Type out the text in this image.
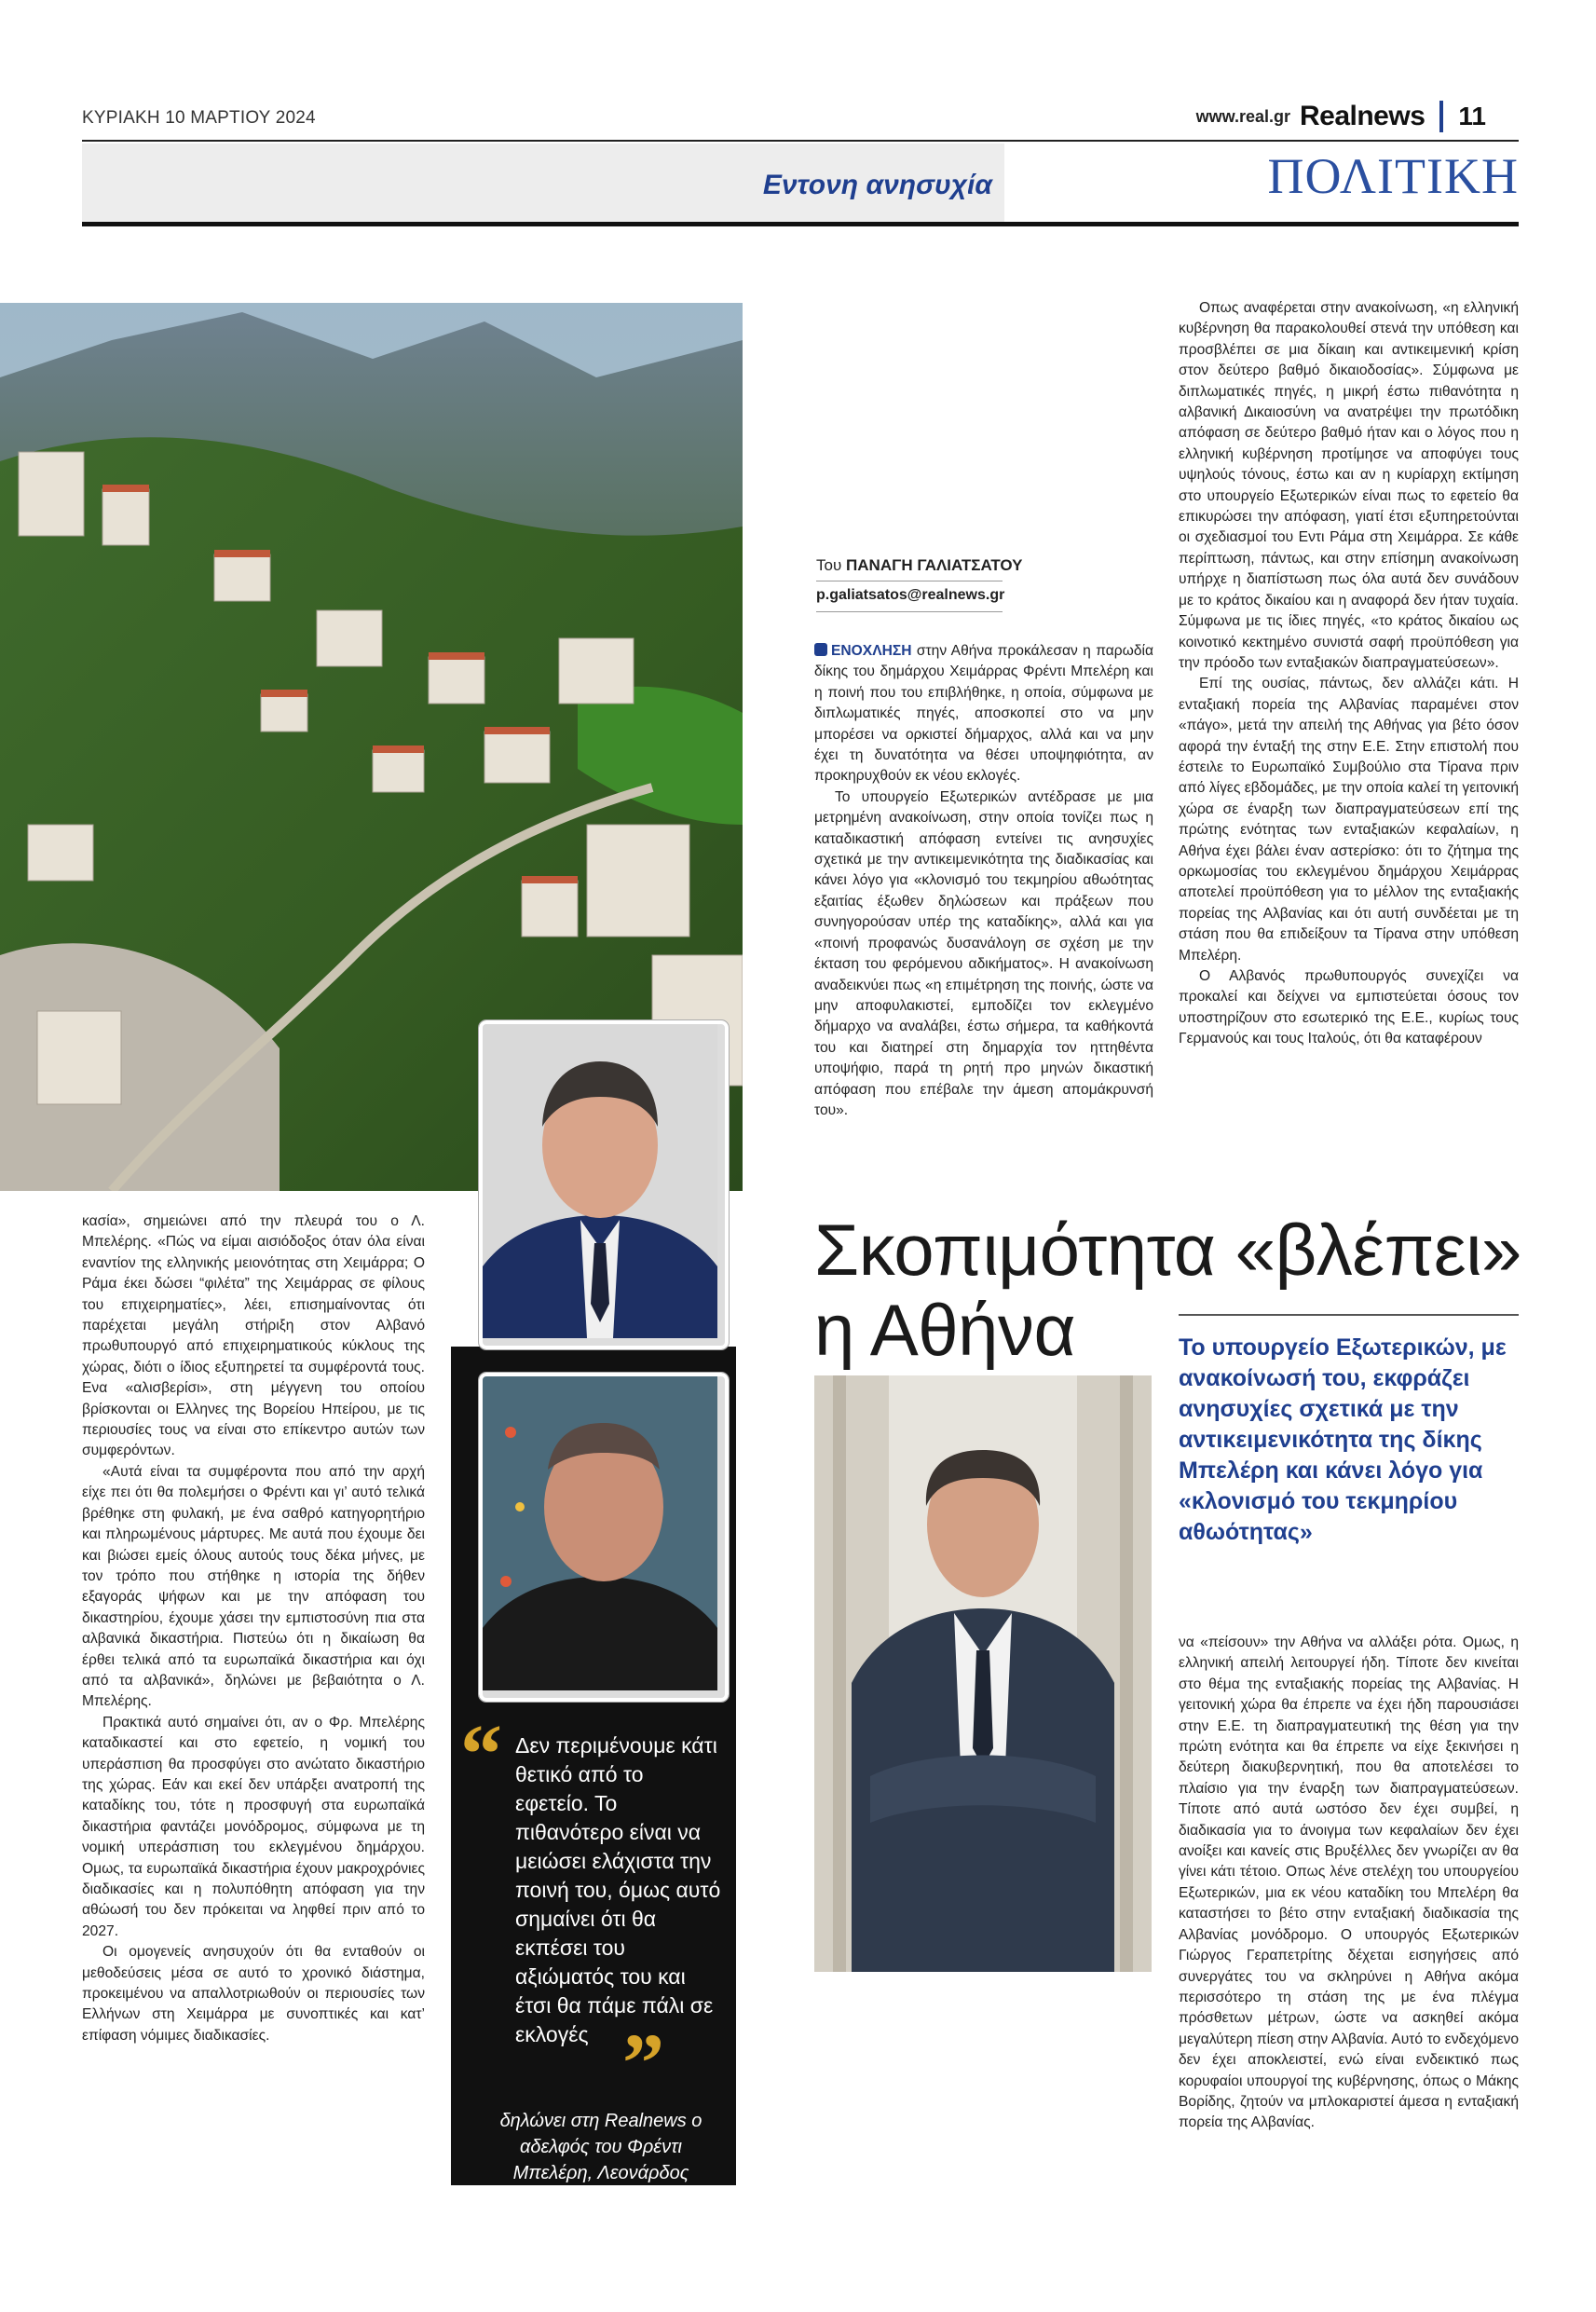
ΚΥΡΙΑΚΗ 10 ΜΑΡΤΙΟΥ 2024	www.real.gr Realnews 11
Εντονη ανησυχία	ΠΟΛΙΤΙΚΗ
“ Δεν περιμένουμε κάτι θετικό από το εφετείο. Το πιθανότερο είναι να μειώσει ελάχιστα την ποινή του, όμως αυτό σημαίνει ότι θα εκπέσει του αξιώματός του και έτσι θα πάμε πάλι σε εκλογές ”
δηλώνει στη Realnews ο αδελφός του Φρέντι Μπελέρη, Λεονάρδος
Του ΠΑΝΑΓΗ ΓΑΛΙΑΤΣΑΤΟΥ
p.galiatsatos@realnews.gr

ΕΝΟΧΛΗΣΗ στην Αθήνα προκάλεσαν η παρωδία δίκης του δημάρχου Χειμάρρας Φρέντι Μπελέρη και η ποινή που του επιβλήθηκε, η οποία, σύμφωνα με διπλωματικές πηγές, αποσκοπεί στο να μην μπορέσει να ορκιστεί δήμαρχος, αλλά και να μην έχει τη δυνατότητα να θέσει υποψηφιότητα, αν προκηρυχθούν εκ νέου εκλογές.

Το υπουργείο Εξωτερικών αντέδρασε με μια μετρημένη ανακοίνωση, στην οποία τονίζει πως η καταδικαστική απόφαση εντείνει τις ανησυχίες σχετικά με την αντικειμενικότητα της διαδικασίας και κάνει λόγο για «κλονισμό του τεκμηρίου αθωότητας εξαιτίας έξωθεν δηλώσεων και πράξεων που συνηγορούσαν υπέρ της καταδίκης», αλλά και για «ποινή προφανώς δυσανάλογη σε σχέση με την έκταση του φερόμενου αδικήματος». Η ανακοίνωση αναδεικνύει πως «η επιμέτρηση της ποινής, ώστε να μην αποφυλακιστεί, εμποδίζει τον εκλεγμένο δήμαρχο να αναλάβει, έστω σήμερα, τα καθήκοντά του και διατηρεί στη δημαρχία τον ηττηθέντα υποψήφιο, παρά τη ρητή προ μηνών δικαστική απόφαση που επέβαλε την άμεση απομάκρυνσή του».

Οπως αναφέρεται στην ανακοίνωση, «η ελληνική κυβέρνηση θα παρακολουθεί στενά την υπόθεση και προσβλέπει σε μια δίκαιη και αντικειμενική κρίση στον δεύτερο βαθμό δικαιοδοσίας». Σύμφωνα με διπλωματικές πηγές, η μικρή έστω πιθανότητα η αλβανική Δικαιοσύνη να ανατρέψει την πρωτόδικη απόφαση σε δεύτερο βαθμό ήταν και ο λόγος που η ελληνική κυβέρνηση προτίμησε να αποφύγει τους υψηλούς τόνους, έστω και αν η κυρίαρχη εκτίμηση στο υπουργείο Εξωτερικών είναι πως το εφετείο θα επικυρώσει την απόφαση, γιατί έτσι εξυπηρετούνται οι σχεδιασμοί του Εντι Ράμα στη Χειμάρρα. Σε κάθε περίπτωση, πάντως, και στην επίσημη ανακοίνωση υπήρχε η διαπίστωση πως όλα αυτά δεν συνάδουν με το κράτος δικαίου και η αναφορά δεν ήταν τυχαία. Σύμφωνα με τις ίδιες πηγές, «το κράτος δικαίου ως κοινοτικό κεκτημένο συνιστά σαφή προϋπόθεση για την πρόοδο των ενταξιακών διαπραγματεύσεων».

Επί της ουσίας, πάντως, δεν αλλάζει κάτι. Η ενταξιακή πορεία της Αλβανίας παραμένει στον «πάγο», μετά την απειλή της Αθήνας για βέτο όσον αφορά την ένταξή της στην Ε.Ε. Στην επιστολή που έστειλε το Ευρωπαϊκό Συμβούλιο στα Τίρανα πριν από λίγες εβδομάδες, με την οποία καλεί τη γειτονική χώρα σε έναρξη των διαπραγματεύσεων επί της πρώτης ενότητας των ενταξιακών κεφαλαίων, η Αθήνα έχει βάλει έναν αστερίσκο: ότι το ζήτημα της ορκωμοσίας του εκλεγμένου δημάρχου Χειμάρρας αποτελεί προϋπόθεση για το μέλλον της ενταξιακής πορείας της Αλβανίας και ότι αυτή συνδέεται με τη στάση που θα επιδείξουν τα Τίρανα στην υπόθεση Μπελέρη.

Ο Αλβανός πρωθυπουργός συνεχίζει να προκαλεί και δείχνει να εμπιστεύεται όσους τον υποστηρίζουν στο εσωτερικό της Ε.Ε., κυρίως τους Γερμανούς και τους Ιταλούς, ότι θα καταφέρουν

Σκοπιμότητα «βλέπει» η Αθήνα	Το υπουργείο Εξωτερικών, με ανακοίνωσή του, εκφράζει ανησυχίες σχετικά με την αντικειμενικότητα της δίκης Μπελέρη και κάνει λόγο για «κλονισμό του τεκμηρίου αθωότητας»

να «πείσουν» την Αθήνα να αλλάξει ρότα. Ομως, η ελληνική απειλή λειτουργεί ήδη. Τίποτε δεν κινείται στο θέμα της ενταξιακής πορείας της Αλβανίας. Η γειτονική χώρα θα έπρεπε να έχει ήδη παρουσιάσει στην Ε.Ε. τη διαπραγματευτική της θέση για την πρώτη ενότητα και θα έπρεπε να είχε ξεκινήσει η δεύτερη διακυβερνητική, που θα αποτελέσει το πλαίσιο για την έναρξη των διαπραγματεύσεων. Τίποτε από αυτά ωστόσο δεν έχει συμβεί, η διαδικασία για το άνοιγμα των κεφαλαίων δεν έχει ανοίξει και κανείς στις Βρυξέλλες δεν γνωρίζει αν θα γίνει κάτι τέτοιο. Οπως λένε στελέχη του υπουργείου Εξωτερικών, μια εκ νέου καταδίκη του Μπελέρη θα καταστήσει το βέτο στην ενταξιακή διαδικασία της Αλβανίας μονόδρομο. Ο υπουργός Εξωτερικών Γιώργος Γεραπετρίτης δέχεται εισηγήσεις από συνεργάτες του να σκληρύνει η Αθήνα ακόμα περισσότερο τη στάση της με ένα πλέγμα πρόσθετων μέτρων, ώστε να ασκηθεί ακόμα μεγαλύτερη πίεση στην Αλβανία. Αυτό το ενδεχόμενο δεν έχει αποκλειστεί, ενώ είναι ενδεικτικό πως κορυφαίοι υπουργοί της κυβέρνησης, όπως ο Μάκης Βορίδης, ζητούν να μπλοκαριστεί άμεσα η ενταξιακή πορεία της Αλβανίας.

κασία», σημειώνει από την πλευρά του ο Λ. Μπελέρης. «Πώς να είμαι αισιόδοξος όταν όλα είναι εναντίον της ελληνικής μειονότητας στη Χειμάρρα; Ο Ράμα έκει δώσει “φιλέτα” της Χειμάρρας σε φίλους του επιχειρηματίες», λέει, επισημαίνοντας ότι παρέχεται μεγάλη στήριξη στον Αλβανό πρωθυπουργό από επιχειρηματικούς κύκλους της χώρας, διότι ο ίδιος εξυπηρετεί τα συμφέροντά τους. Ενα «αλισβερίσι», στη μέγγενη του οποίου βρίσκονται οι Ελληνες της Βορείου Ηπείρου, με τις περιουσίες τους να είναι στο επίκεντρο αυτών των συμφερόντων.

«Αυτά είναι τα συμφέροντα που από την αρχή είχε πει ότι θα πολεμήσει ο Φρέντι και γι’ αυτό τελικά βρέθηκε στη φυλακή, με ένα σαθρό κατηγορητήριο και πληρωμένους μάρτυρες. Με αυτά που έχουμε δει και βιώσει εμείς όλους αυτούς τους δέκα μήνες, με τον τρόπο που στήθηκε η ιστορία της δήθεν εξαγοράς ψήφων και με την απόφαση του δικαστηρίου, έχουμε χάσει την εμπιστοσύνη πια στα αλβανικά δικαστήρια. Πιστεύω ότι η δικαίωση θα έρθει τελικά από τα ευρωπαϊκά δικαστήρια και όχι από τα αλβανικά», δηλώνει με βεβαιότητα ο Λ. Μπελέρης.

Πρακτικά αυτό σημαίνει ότι, αν ο Φρ. Μπελέρης καταδικαστεί και στο εφετείο, η νομική του υπεράσπιση θα προσφύγει στο ανώτατο δικαστήριο της χώρας. Εάν και εκεί δεν υπάρξει ανατροπή της καταδίκης του, τότε η προσφυγή στα ευρωπαϊκά δικαστήρια φαντάζει μονόδρομος, σύμφωνα με τη νομική υπεράσπιση του εκλεγμένου δημάρχου. Ομως, τα ευρωπαϊκά δικαστήρια έχουν μακροχρόνιες διαδικασίες και η πολυπόθητη απόφαση για την αθώωσή του δεν πρόκειται να ληφθεί πριν από το 2027.

Οι ομογενείς ανησυχούν ότι θα ενταθούν οι μεθοδεύσεις μέσα σε αυτό το χρονικό διάστημα, προκειμένου να απαλλοτριωθούν οι περιουσίες των Ελλήνων στη Χειμάρρα με συνοπτικές και κατ’ επίφαση νόμιμες διαδικασίες.
